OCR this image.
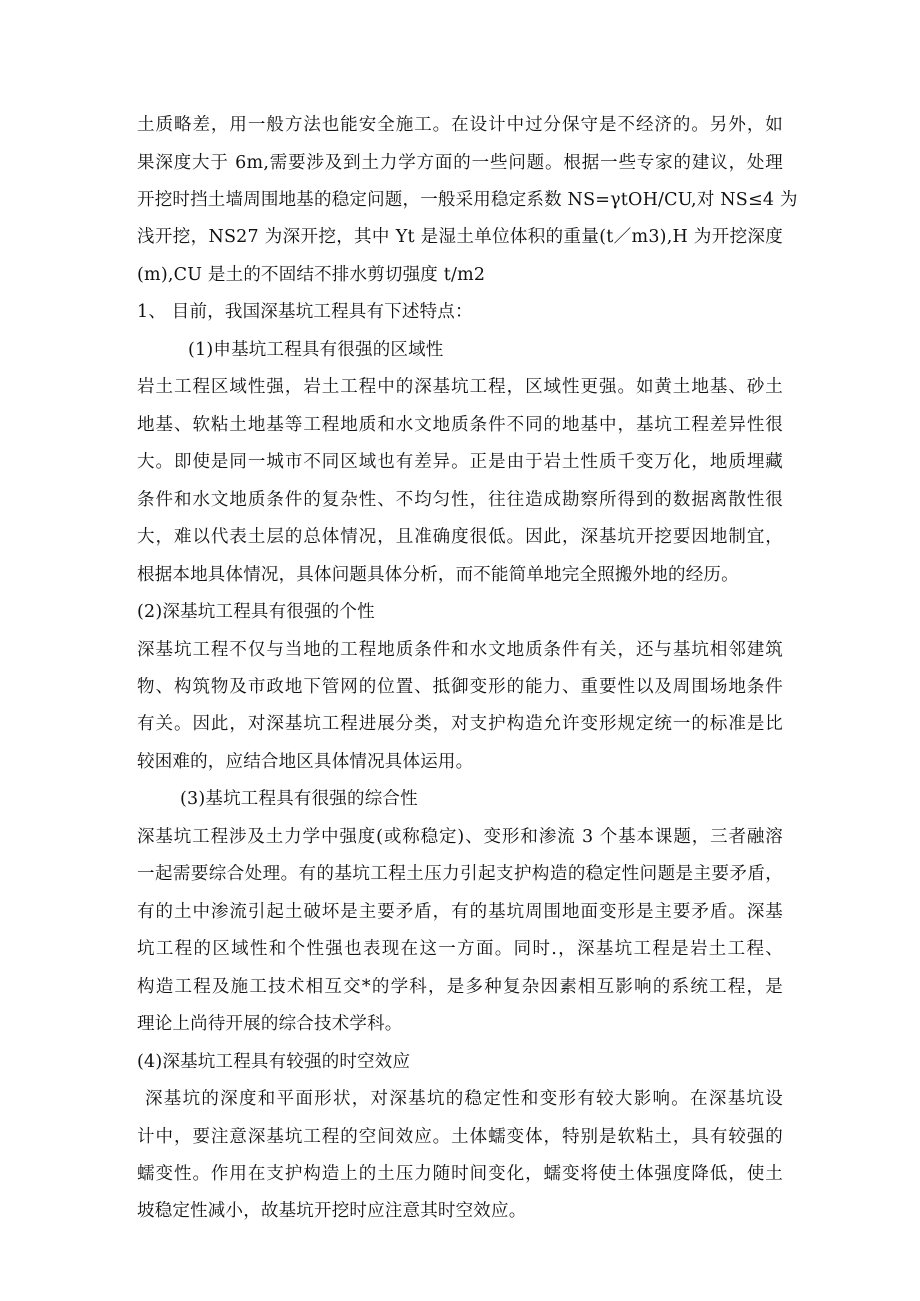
土质略差，用一般方法也能安全施工。在设计中过分保守是不经济的。另外，如
果深度大于 6m,需要涉及到土力学方面的一些问题。根据一些专家的建议，处理
开挖时挡土墙周围地基的稳定问题，一般采用稳定系数 NS=γtOH/CU,对 NS≤4 为
浅开挖，NS27 为深开挖，其中 Yt 是湿土单位体积的重量(t／m3),H 为开挖深度
(m),CU 是土的不固结不排水剪切强度 t/m2
1、 目前，我国深基坑工程具有下述特点：
(1)申基坑工程具有很强的区域性
岩土工程区域性强，岩土工程中的深基坑工程，区域性更强。如黄土地基、砂土
地基、软粘土地基等工程地质和水文地质条件不同的地基中，基坑工程差异性很
大。即使是同一城市不同区域也有差异。正是由于岩土性质千变万化，地质埋藏
条件和水文地质条件的复杂性、不均匀性，往往造成勘察所得到的数据离散性很
大，难以代表土层的总体情况，且准确度很低。因此，深基坑开挖要因地制宜，
根据本地具体情况，具体问题具体分析，而不能简单地完全照搬外地的经历。
(2)深基坑工程具有很强的个性
深基坑工程不仅与当地的工程地质条件和水文地质条件有关，还与基坑相邻建筑
物、构筑物及市政地下管网的位置、抵御变形的能力、重要性以及周围场地条件
有关。因此，对深基坑工程进展分类，对支护构造允许变形规定统一的标准是比
较困难的，应结合地区具体情况具体运用。
(3)基坑工程具有很强的综合性
深基坑工程涉及土力学中强度(或称稳定)、变形和渗流 3 个基本课题，三者融溶
一起需要综合处理。有的基坑工程土压力引起支护构造的稳定性问题是主要矛盾，
有的土中渗流引起土破坏是主要矛盾，有的基坑周围地面变形是主要矛盾。深基
坑工程的区域性和个性强也表现在这一方面。同时.，深基坑工程是岩土工程、
构造工程及施工技术相互交*的学科，是多种复杂因素相互影响的系统工程，是
理论上尚待开展的综合技术学科。
(4)深基坑工程具有较强的时空效应
深基坑的深度和平面形状，对深基坑的稳定性和变形有较大影响。在深基坑设
计中，要注意深基坑工程的空间效应。土体蠕变体，特别是软粘土，具有较强的
蠕变性。作用在支护构造上的土压力随时间变化，蠕变将使土体强度降低，使土
坡稳定性减小，故基坑开挖时应注意其时空效应。
